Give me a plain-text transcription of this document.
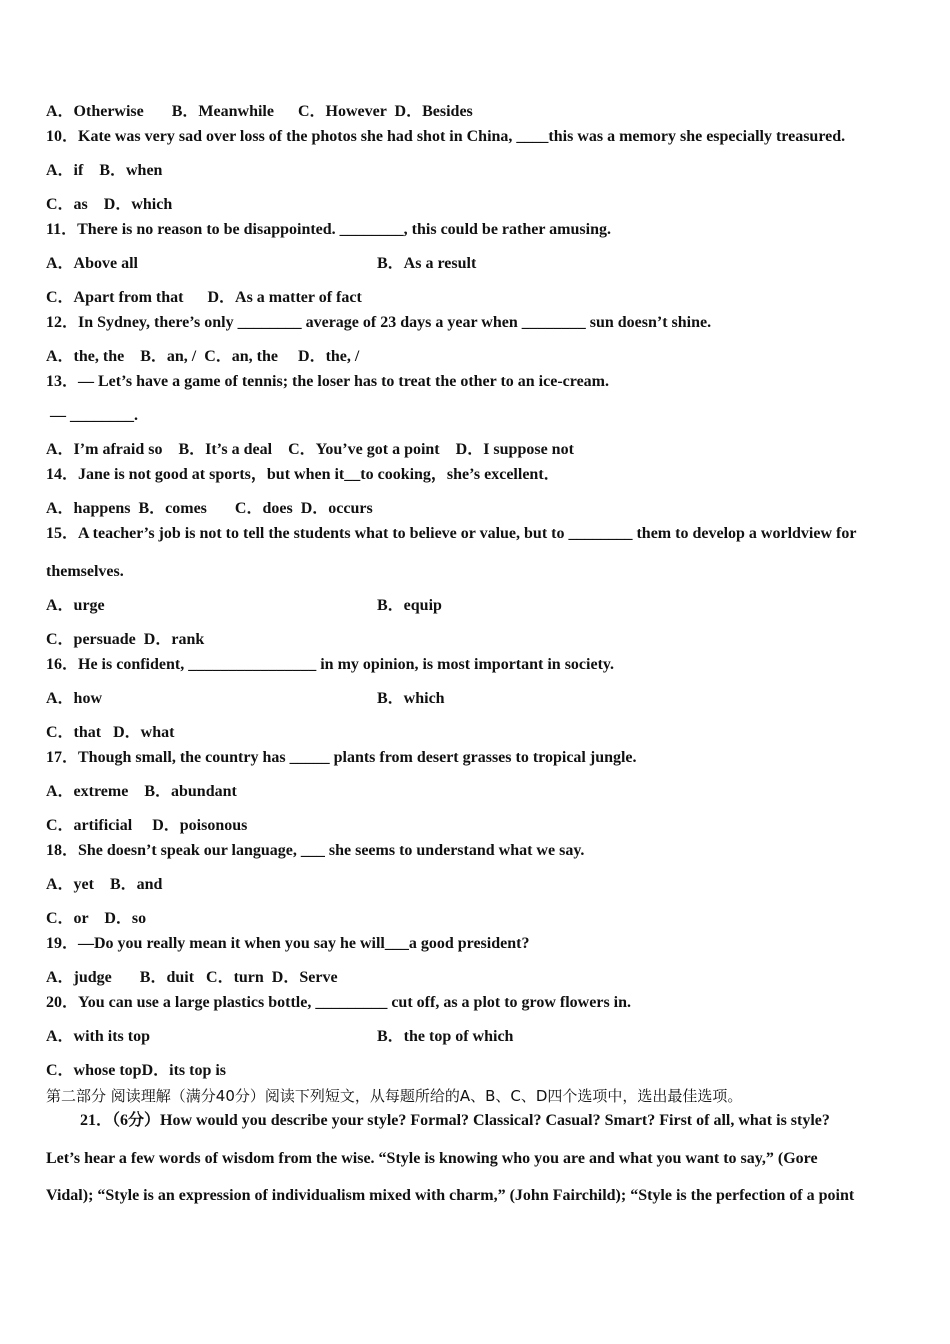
A．Otherwise       B．Meanwhile      C．However  D．Besides
10．Kate was very sad over loss of the photos she had shot in China, ____this was a memory she especially treasured.
A．if    B．when
C．as    D．which
11．There is no reason to be disappointed. ________, this could be rather amusing.
A．Above all	B．As a result
C．Apart from that      D．As a matter of fact
12．In Sydney, there’s only ________ average of 23 days a year when ________ sun doesn’t shine.
A．the, the    B．an, /  C．an, the     D．the, /
13．— Let’s have a game of tennis; the loser has to treat the other to an ice-cream.
— ________.
A．I’m afraid so    B．It’s a deal    C．You’ve got a point    D．I suppose not
14．Jane is not good at sports，but when it__to cooking，she’s excellent．
A．happens  B．comes       C．does  D．occurs
15．A teacher’s job is not to tell the students what to believe or value, but to ________ them to develop a worldview for
themselves.
A．urge	B．equip
C．persuade  D．rank
16．He is confident, ________________ in my opinion, is most important in society.
A．how	B．which
C．that   D．what
17．Though small, the country has _____ plants from desert grasses to tropical jungle.
A．extreme    B．abundant
C．artificial     D．poisonous
18．She doesn’t speak our language, ___ she seems to understand what we say.
A．yet    B．and
C．or    D．so
19．—Do you really mean it when you say he will___a good president?
A．judge       B．duit   C．turn  D．Serve
20．You can use a large plastics bottle, _________ cut off, as a plot to grow flowers in.
A．with its top	B．the top of which
C．whose topD．its top is
第二部分 阅读理解（满分40分）阅读下列短文，从每题所给的A、B、C、D四个选项中，选出最佳选项。
21．（6分）How would you describe your style? Formal? Classical? Casual? Smart? First of all, what is style?
Let’s hear a few words of wisdom from the wise. “Style is knowing who you are and what you want to say,” (Gore
Vidal); “Style is an expression of individualism mixed with charm,” (John Fairchild); “Style is the perfection of a point
